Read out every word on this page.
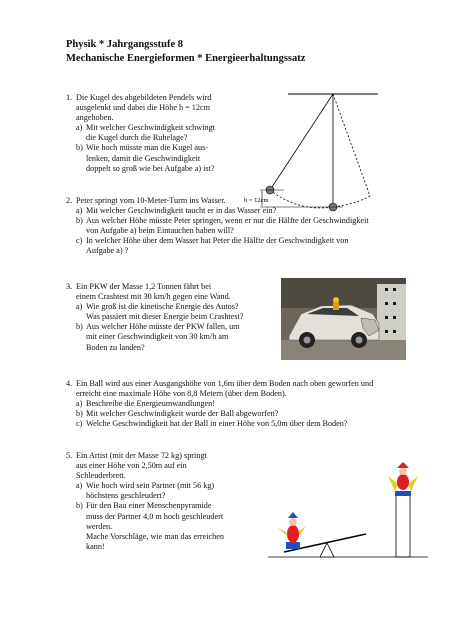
Physik * Jahrgangsstufe 8
Mechanische Energieformen * Energieerhaltungssatz
1. Die Kugel des abgebildeten Pendels wird
ausgelenkt und dabei die Höhe h = 12cm
angehoben.
a) Mit welcher Geschwindigkeit schwingt
die Kugel durch die Ruhelage?
b) Wie hoch müsste man die Kugel aus-
lenken, damit die Geschwindigkeit
doppelt so groß wie bei Aufgabe a) ist?
h = 12cm
2. Peter springt vom 10-Meter-Turm ins Wasser.
a) Mit welcher Geschwindigkeit taucht er in das Wasser ein?
b) Aus welcher Höhe müsste Peter springen, wenn er nur die Hälfte der Geschwindigkeit
von Aufgabe a) beim Eintauchen haben will?
c) In welcher Höhe über dem Wasser hat Peter die Hälfte der Geschwindigkeit von
Aufgabe a) ?
3. Ein PKW der Masse 1,2 Tonnen fährt bei
einem Crashtest mit 30 km/h gegen eine Wand.
a) Wie groß ist die kinetische Energie des Autos?
Was passiert mit dieser Energie beim Crashtest?
b) Aus welcher Höhe müsste der PKW fallen, um
mit einer Geschwindigkeit von 30 km/h am
Boden zu landen?
4. Ein Ball wird aus einer Ausgangshöhe von 1,6m über dem Boden nach oben geworfen und
erreicht eine maximale Höhe von 8,8 Metern (über dem Boden).
a) Beschreibe die Energieumwandlungen!
b) Mit welcher Geschwindigkeit wurde der Ball abgeworfen?
c) Welche Geschwindigkeit hat der Ball in einer Höhe von 5,0m über dem Boden?
5. Ein Artist (mit der Masse 72 kg) springt
aus einer Höhe von 2,50m auf ein
Schleuderbrett.
a) Wie hoch wird sein Partner (mit 56 kg)
höchstens geschleudert?
b) Für den Bau einer Menschenpyramide
muss der Partner 4,0 m hoch geschleudert
werden.
Mache Vorschläge, wie man das erreichen
kann!
